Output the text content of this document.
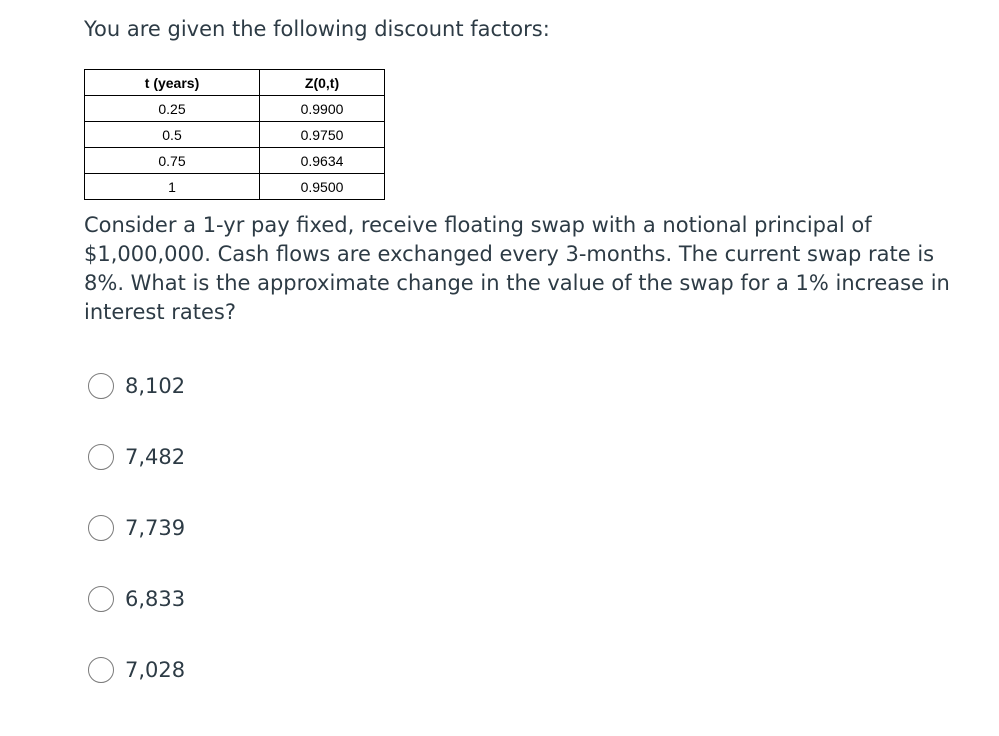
You are given the following discount factors:
t (years)	Z(0,t)
0.25	0.9900
0.5	0.9750
0.75	0.9634
1	0.9500
Consider a 1-yr pay fixed, receive floating swap with a notional principal of $1,000,000. Cash flows are exchanged every 3-months. The current swap rate is 8%. What is the approximate change in the value of the swap for a 1% increase in interest rates?
8,102
7,482
7,739
6,833
7,028
